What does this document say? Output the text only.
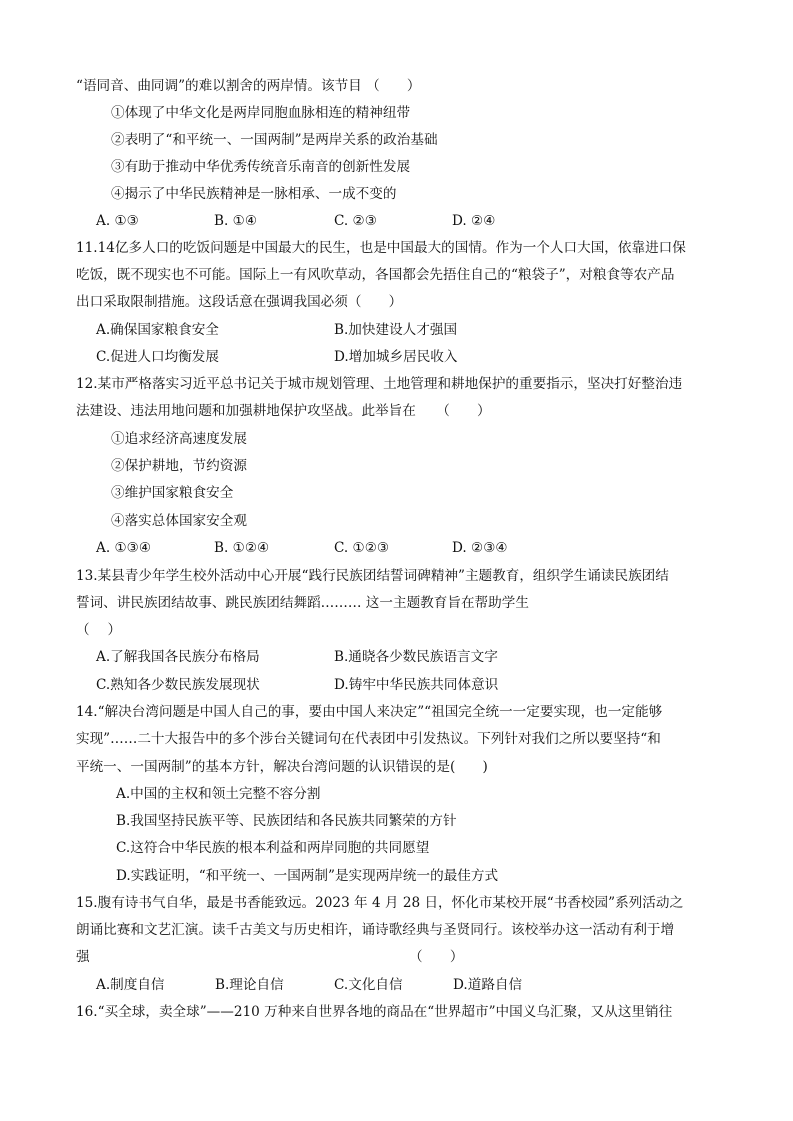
“语同音、曲同调”的难以割舍的两岸情。该节目 （　　）
①体现了中华文化是两岸同胞血脉相连的精神纽带
②表明了“和平统一、一国两制”是两岸关系的政治基础
③有助于推动中华优秀传统音乐南音的创新性发展
④揭示了中华民族精神是一脉相承、一成不变的
A. ①③	B. ①④	C. ②③	D. ②④
11.14亿多人口的吃饭问题是中国最大的民生，也是中国最大的国情。作为一个人口大国，依靠进口保
吃饭，既不现实也不可能。国际上一有风吹草动，各国都会先捂住自己的“粮袋子”，对粮食等农产品
出口采取限制措施。这段话意在强调我国必须（　　）
A.确保国家粮食安全	B.加快建设人才强国
C.促进人口均衡发展	D.增加城乡居民收入
12.某市严格落实习近平总书记关于城市规划管理、土地管理和耕地保护的重要指示，坚决打好整治违
法建设、违法用地问题和加强耕地保护攻坚战。此举旨在　　（　　）
①追求经济高速度发展
②保护耕地，节约资源
③维护国家粮食安全
④落实总体国家安全观
A. ①③④	B. ①②④	C. ①②③	D. ②③④
13.某县青少年学生校外活动中心开展“践行民族团结誓词碑精神”主题教育，组织学生诵读民族团结
誓词、讲民族团结故事、跳民族团结舞蹈……… 这一主题教育旨在帮助学生
（　 ）
A.了解我国各民族分布格局	B.通晓各少数民族语言文字
C.熟知各少数民族发展现状	D.铸牢中华民族共同体意识
14.“解决台湾问题是中国人自己的事，要由中国人来决定”“祖国完全统一一定要实现，也一定能够
实现”……二十大报告中的多个涉台关键词句在代表团中引发热议。下列针对我们之所以要坚持“和
平统一、一国两制”的基本方针，解决台湾问题的认识错误的是(　　)
A.中国的主权和领土完整不容分割
B.我国坚持民族平等、民族团结和各民族共同繁荣的方针
C.这符合中华民族的根本利益和两岸同胞的共同愿望
D.实践证明，“和平统一、一国两制”是实现两岸统一的最佳方式
15.腹有诗书气自华，最是书香能致远。2023 年 4 月 28 日，怀化市某校开展“书香校园”系列活动之
朗诵比赛和文艺汇演。读千古美文与历史相许，诵诗歌经典与圣贤同行。该校举办这一活动有利于增
强　　　　　　　　　　　　　　　　　　　　　　　　（　　）
A.制度自信	B.理论自信	C.文化自信	D.道路自信
16.“买全球，卖全球”——210 万种来自世界各地的商品在“世界超市”中国义乌汇聚，又从这里销往
